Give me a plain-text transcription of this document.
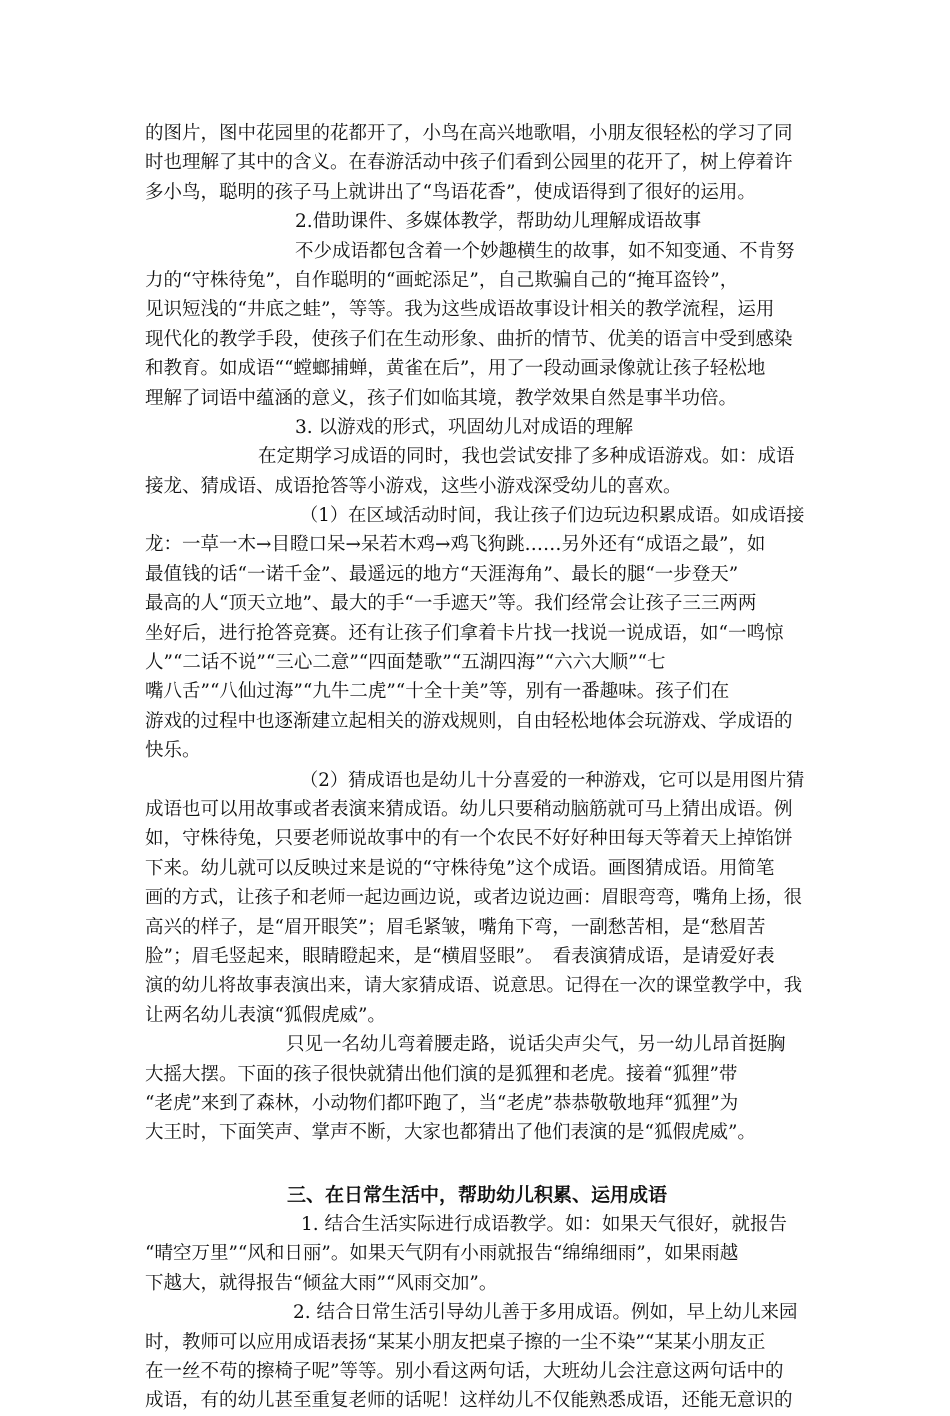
的图片，图中花园里的花都开了，小鸟在高兴地歌唱，小朋友很轻松的学习了同
时也理解了其中的含义。在春游活动中孩子们看到公园里的花开了，树上停着许
多小鸟，聪明的孩子马上就讲出了“鸟语花香”，使成语得到了很好的运用。
2.借助课件、多媒体教学，帮助幼儿理解成语故事
不少成语都包含着一个妙趣横生的故事，如不知变通、不肯努
力的“守株待兔”，自作聪明的“画蛇添足”，自己欺骗自己的“掩耳盗铃”，
见识短浅的“井底之蛙”，等等。我为这些成语故事设计相关的教学流程，运用
现代化的教学手段，使孩子们在生动形象、曲折的情节、优美的语言中受到感染
和教育。如成语““螳螂捕蝉，黄雀在后”，用了一段动画录像就让孩子轻松地
理解了词语中蕴涵的意义，孩子们如临其境，教学效果自然是事半功倍。
3. 以游戏的形式，巩固幼儿对成语的理解
在定期学习成语的同时，我也尝试安排了多种成语游戏。如：成语
接龙、猜成语、成语抢答等小游戏，这些小游戏深受幼儿的喜欢。
（1）在区域活动时间，我让孩子们边玩边积累成语。如成语接
龙：一草一木→目瞪口呆→呆若木鸡→鸡飞狗跳……另外还有“成语之最”，如
最值钱的话“一诺千金”、最遥远的地方“天涯海角”、最长的腿“一步登天”
最高的人“顶天立地”、最大的手“一手遮天”等。我们经常会让孩子三三两两
坐好后，进行抢答竞赛。还有让孩子们拿着卡片找一找说一说成语，如“一鸣惊
人”“二话不说”“三心二意”“四面楚歌”“五湖四海”“六六大顺”“七
嘴八舌”“八仙过海”“九牛二虎”“十全十美”等，别有一番趣味。孩子们在
游戏的过程中也逐渐建立起相关的游戏规则，自由轻松地体会玩游戏、学成语的
快乐。
（2）猜成语也是幼儿十分喜爱的一种游戏，它可以是用图片猜
成语也可以用故事或者表演来猜成语。幼儿只要稍动脑筋就可马上猜出成语。例
如，守株待兔，只要老师说故事中的有一个农民不好好种田每天等着天上掉馅饼
下来。幼儿就可以反映过来是说的“守株待兔”这个成语。画图猜成语。用简笔
画的方式，让孩子和老师一起边画边说，或者边说边画：眉眼弯弯，嘴角上扬，很
高兴的样子，是“眉开眼笑”；眉毛紧皱，嘴角下弯，一副愁苦相，是“愁眉苦
脸”；眉毛竖起来，眼睛瞪起来，是“横眉竖眼”。　看表演猜成语，是请爱好表
演的幼儿将故事表演出来，请大家猜成语、说意思。记得在一次的课堂教学中，我
让两名幼儿表演“狐假虎威”。
只见一名幼儿弯着腰走路，说话尖声尖气，另一幼儿昂首挺胸
大摇大摆。下面的孩子很快就猜出他们演的是狐狸和老虎。接着“狐狸”带
“老虎”来到了森林，小动物们都吓跑了，当“老虎”恭恭敬敬地拜“狐狸”为
大王时，下面笑声、掌声不断，大家也都猜出了他们表演的是“狐假虎威”。
三、在日常生活中，帮助幼儿积累、运用成语
1. 结合生活实际进行成语教学。如：如果天气很好，就报告
“晴空万里”“风和日丽”。如果天气阴有小雨就报告“绵绵细雨”，如果雨越
下越大，就得报告“倾盆大雨”“风雨交加”。
2. 结合日常生活引导幼儿善于多用成语。例如，早上幼儿来园
时，教师可以应用成语表扬“某某小朋友把桌子擦的一尘不染”“某某小朋友正
在一丝不苟的擦椅子呢”等等。别小看这两句话，大班幼儿会注意这两句话中的
成语，有的幼儿甚至重复老师的话呢！这样幼儿不仅能熟悉成语，还能无意识的
